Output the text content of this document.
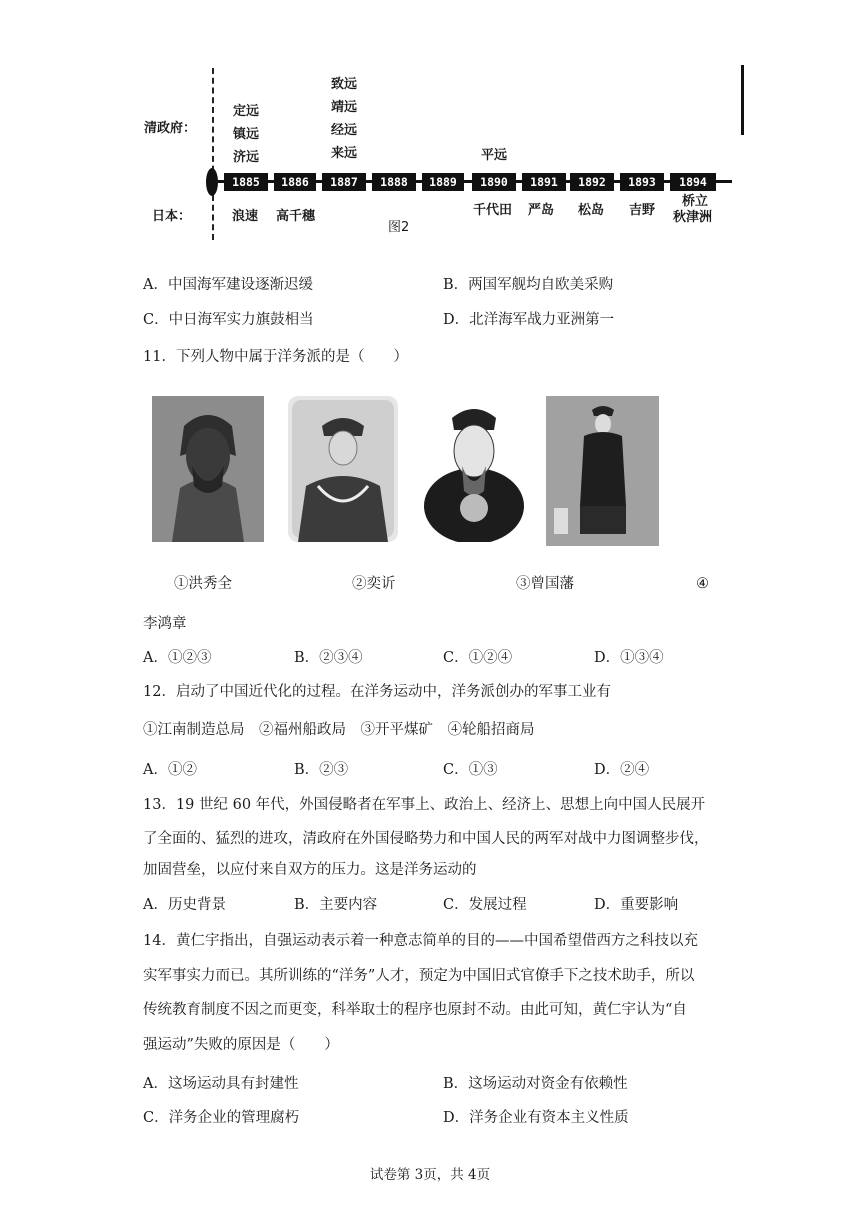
清政府：
日本：
1885	1886	1887	1888	1889	1890	1891	1892	1893	1894
定远
镇远
济远
致远
靖远
经远
来远	平远
浪速 高千穗	千代田 严岛 松岛 吉野
桥立
秋津洲
图2
A．中国海军建设逐渐迟缓	B．两国军舰均自欧美采购
C．中日海军实力旗鼓相当	D．北洋海军战力亚洲第一
11．下列人物中属于洋务派的是（　　）
①洪秀全	②奕䜣	③曾国藩	④
李鸿章
A．①②③	B．②③④	C．①②④	D．①③④
12．启动了中国近代化的过程。在洋务运动中，洋务派创办的军事工业有
①江南制造总局　②福州船政局　③开平煤矿　④轮船招商局
A．①②	B．②③	C．①③	D．②④
13．19 世纪 60 年代，外国侵略者在军事上、政治上、经济上、思想上向中国人民展开
了全面的、猛烈的进攻，清政府在外国侵略势力和中国人民的两军对战中力图调整步伐，
加固营垒，以应付来自双方的压力。这是洋务运动的
A．历史背景	B．主要内容	C．发展过程	D．重要影响
14．黄仁宇指出，自强运动表示着一种意志简单的目的——中国希望借西方之科技以充
实军事实力而已。其所训练的“洋务”人才，预定为中国旧式官僚手下之技术助手，所以
传统教育制度不因之而更变，科举取士的程序也原封不动。由此可知，黄仁宇认为“自
强运动”失败的原因是（　　）
A．这场运动具有封建性	B．这场运动对资金有依赖性
C．洋务企业的管理腐朽	D．洋务企业有资本主义性质
试卷第 3页，共 4页
